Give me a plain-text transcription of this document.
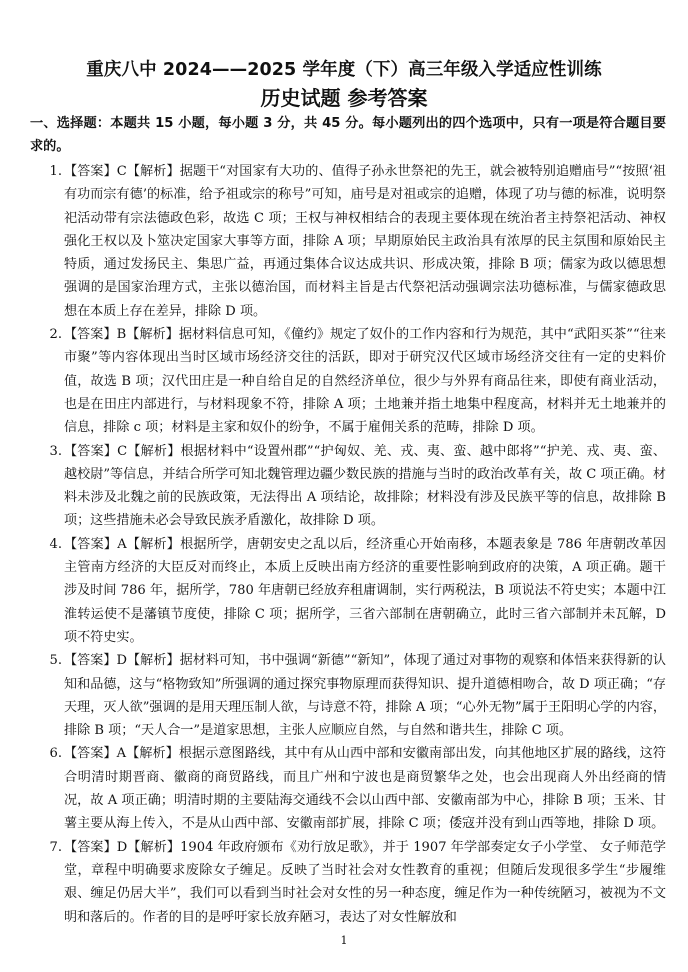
重庆八中 2024——2025 学年度（下）高三年级入学适应性训练
历史试题 参考答案
一、选择题：本题共 15 小题，每小题 3 分，共 45 分。每小题列出的四个选项中，只有一项是符合题目要求的。
1. 【答案】C【解析】据题干“对国家有大功的、值得子孙永世祭祀的先王，就会被特别追赠庙号”“按照‘祖有功而宗有德’的标准，给予祖或宗的称号”可知，庙号是对祖或宗的追赠，体现了功与德的标准，说明祭祀活动带有宗法德政色彩，故选 C 项；王权与神权相结合的表现主要体现在统治者主持祭祀活动、神权强化王权以及卜筮决定国家大事等方面，排除 A 项；早期原始民主政治具有浓厚的民主氛围和原始民主特质，通过发扬民主、集思广益，再通过集体合议达成共识、形成决策，排除 B 项；儒家为政以德思想强调的是国家治理方式，主张以德治国，而材料主旨是古代祭祀活动强调宗法功德标准，与儒家德政思想在本质上存在差异，排除 D 项。
2. 【答案】B【解析】据材料信息可知，《僮约》规定了奴仆的工作内容和行为规范，其中“武阳买茶”“往来市聚”等内容体现出当时区域市场经济交往的活跃，即对于研究汉代区域市场经济交往有一定的史料价值，故选 B 项；汉代田庄是一种自给自足的自然经济单位，很少与外界有商品往来，即使有商业活动，也是在田庄内部进行，与材料现象不符，排除 A 项；土地兼并指土地集中程度高，材料并无土地兼并的信息，排除 c 项；材料是主家和奴仆的纷争，不属于雇佣关系的范畴，排除 D 项。
3. 【答案】C【解析】根据材料中“设置州郡”“护匈奴、羌、戎、夷、蛮、越中郎将”“护羌、戎、夷、蛮、越校尉”等信息，并结合所学可知北魏管理边疆少数民族的措施与当时的政治改革有关，故 C 项正确。材料未涉及北魏之前的民族政策，无法得出 A 项结论，故排除；材料没有涉及民族平等的信息，故排除 B 项；这些措施未必会导致民族矛盾激化，故排除 D 项。
4. 【答案】A【解析】根据所学，唐朝安史之乱以后，经济重心开始南移，本题表象是 786 年唐朝改革因主管南方经济的大臣反对而终止，本质上反映出南方经济的重要性影响到政府的决策，A 项正确。题干涉及时间 786 年，据所学，780 年唐朝已经放弃租庸调制，实行两税法，B 项说法不符史实；本题中江淮转运使不是藩镇节度使，排除 C 项；据所学，三省六部制在唐朝确立，此时三省六部制并未瓦解，D 项不符史实。
5. 【答案】D【解析】据材料可知，书中强调“新德”“新知”，体现了通过对事物的观察和体悟来获得新的认知和品德，这与“格物致知”所强调的通过探究事物原理而获得知识、提升道德相吻合，故 D 项正确；“存天理，灭人欲”强调的是用天理压制人欲，与诗意不符，排除 A 项；“心外无物”属于王阳明心学的内容，排除 B 项；“天人合一”是道家思想，主张人应顺应自然，与自然和谐共生，排除 C 项。
6. 【答案】A【解析】根据示意图路线，其中有从山西中部和安徽南部出发，向其他地区扩展的路线，这符合明清时期晋商、徽商的商贸路线，而且广州和宁波也是商贸繁华之处，也会出现商人外出经商的情况，故 A 项正确；明清时期的主要陆海交通线不会以山西中部、安徽南部为中心，排除 B 项；玉米、甘薯主要从海上传入，不是从山西中部、安徽南部扩展，排除 C 项；倭寇并没有到山西等地，排除 D 项。
7. 【答案】D【解析】1904 年政府颁布《劝行放足歌》，并于 1907 年学部奏定女子小学堂、 女子师范学堂，章程中明确要求废除女子缠足。反映了当时社会对女性教育的重视；但随后发现很多学生“步履维艰、缠足仍居大半”，我们可以看到当时社会对女性的另一种态度，缠足作为一种传统陋习，被视为不文明和落后的。作者的目的是呼吁家长放弃陋习，表达了对女性解放和
1
